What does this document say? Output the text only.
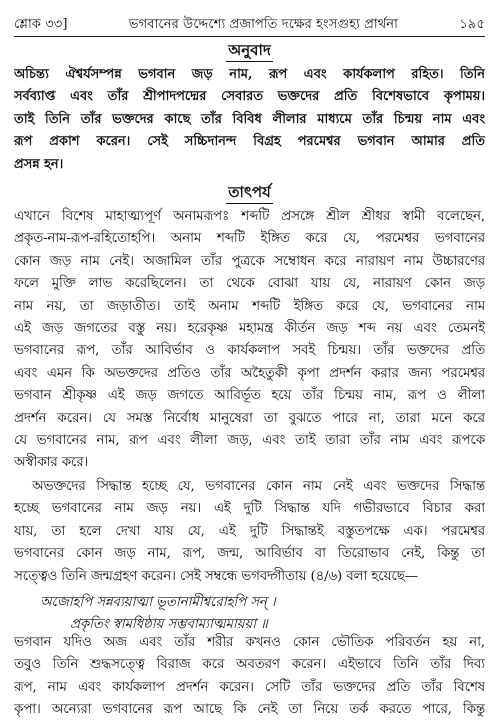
শ্লোক ৩৩]	ভগবানের উদ্দেশ্যে প্রজাপতি দক্ষের হংসগুহ্য প্রার্থনা	১৯৫
অনুবাদ
অচিন্ত্য ঐশ্বর্যসম্পন্ন ভগবান জড় নাম, রূপ এবং কার্যকলাপ রহিত। তিনি
সর্বব্যাপ্ত এবং তাঁর শ্রীপাদপদ্মের সেবারত ভক্তদের প্রতি বিশেষভাবে কৃপাময়।
তাই তিনি তাঁর ভক্তদের কাছে তাঁর বিবিধ লীলার মাধ্যমে তাঁর চিন্ময় নাম এবং
রূপ প্রকাশ করেন। সেই সচ্চিদানন্দ বিগ্রহ পরমেশ্বর ভগবান আমার প্রতি
প্রসন্ন হন।
তাৎপর্য
এখানে বিশেষ মাহাত্ম্যপূর্ণ অনামরূপঃ শব্দটি প্রসঙ্গে শ্রীল শ্রীধর স্বামী বলেছেন,
প্রকৃত-নাম-রূপ-রহিতোহপি। অনাম শব্দটি ইঙ্গিত করে যে, পরমেশ্বর ভগবানের
কোন জড় নাম নেই। অজামিল তাঁর পুত্রকে সম্বোধন করে নারায়ণ নাম উচ্চারণের
ফলে মুক্তি লাভ করেছিলেন। তা থেকে বোঝা যায় যে, নারায়ণ কোন জড়
নাম নয়, তা জড়াতীত। তাই অনাম শব্দটি ইঙ্গিত করে যে, ভগবানের নাম
এই জড় জগতের বস্তু নয়। হরেকৃষ্ণ মহামন্ত্র কীর্তন জড় শব্দ নয় এবং তেমনই
ভগবানের রূপ, তাঁর আবির্ভাব ও কার্যকলাপ সবই চিন্ময়। তাঁর ভক্তদের প্রতি
এবং এমন কি অভক্তদের প্রতিও তাঁর অহৈতুকী কৃপা প্রদর্শন করার জন্য পরমেশ্বর
ভগবান শ্রীকৃষ্ণ এই জড় জগতে আবির্ভূত হয়ে তাঁর চিন্ময় নাম, রূপ ও লীলা
প্রদর্শন করেন। যে সমস্ত নির্বোধ মানুষেরা তা বুঝতে পারে না, তারা মনে করে
যে ভগবানের নাম, রূপ এবং লীলা জড়, এবং তাই তারা তাঁর নাম এবং রূপকে
অস্বীকার করে।
অভক্তদের সিদ্ধান্ত হচ্ছে যে, ভগবানের কোন নাম নেই এবং ভক্তদের সিদ্ধান্ত
হচ্ছে ভগবানের নাম জড় নয়। এই দুটি সিদ্ধান্ত যদি গভীরভাবে বিচার করা
যায়, তা হলে দেখা যায় যে, এই দুটি সিদ্ধান্তই বস্তুতপক্ষে এক। পরমেশ্বর
ভগবানের কোন জড় নাম, রূপ, জন্ম, আবির্ভাব বা তিরোভাব নেই, কিন্তু তা
সত্ত্বেও তিনি জন্মগ্রহণ করেন। সেই সম্বন্ধে ভগবদ্গীতায় (৪/৬) বলা হয়েছে—
অজোহপি সন্নব্যয়াত্মা ভূতানামীশ্বরোহপি সন্ ।
প্রকৃতিং স্বামধিষ্ঠায় সম্ভবাম্যাত্মমায়য়া ॥
ভগবান যদিও অজ এবং তাঁর শরীর কখনও কোন ভৌতিক পরিবর্তন হয় না,
তবুও তিনি শুদ্ধসত্ত্বে বিরাজ করে অবতরণ করেন। এইভাবে তিনি তাঁর দিব্য
রূপ, নাম এবং কার্যকলাপ প্রদর্শন করেন। সেটি তাঁর ভক্তদের প্রতি তাঁর বিশেষ
কৃপা। অন্যেরা ভগবানের রূপ আছে কি নেই তা নিয়ে তর্ক করতে পারে, কিন্তু
